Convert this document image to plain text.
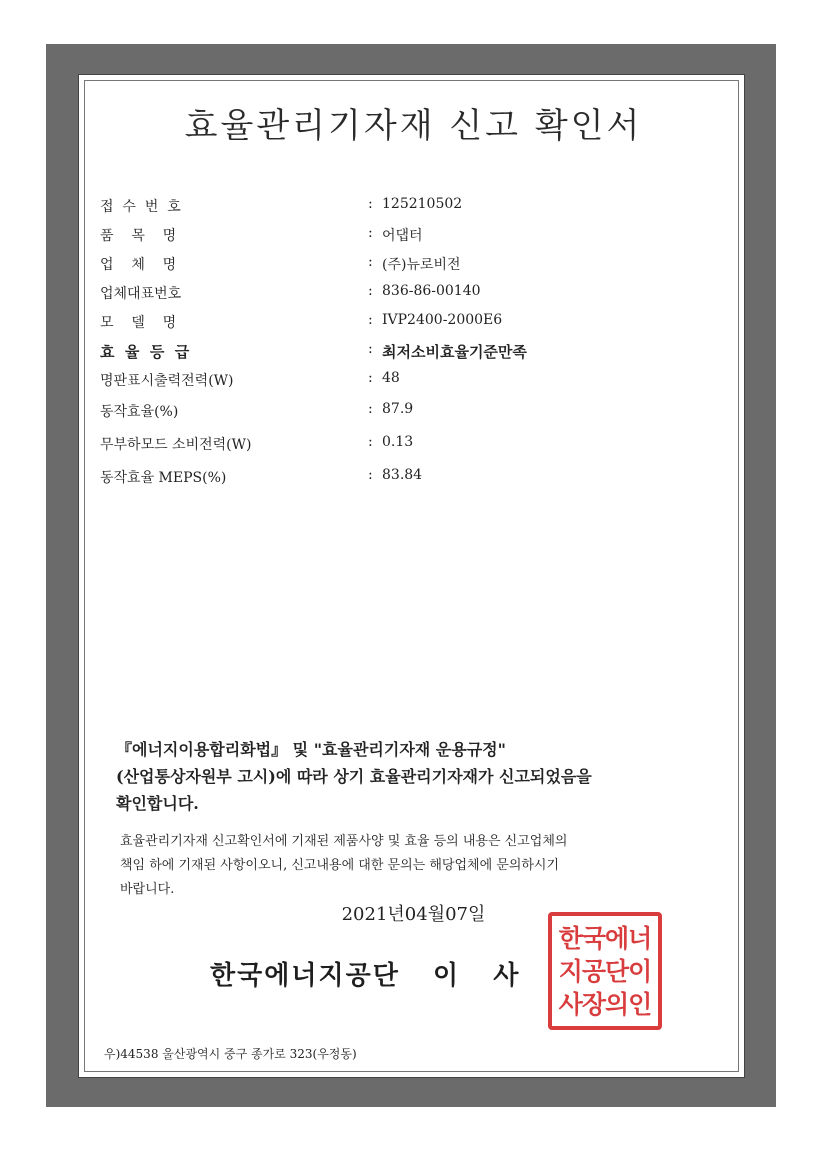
효율관리기자재 신고 확인서
접  수  번  호	: 125210502
품    목    명	: 어댑터
업    체    명	: (주)뉴로비전
업체대표번호	: 836-86-00140
모    델    명	: IVP2400-2000E6
효  율  등  급	: 최저소비효율기준만족
명판표시출력전력(W)	: 48
동작효율(%)	: 87.9
무부하모드 소비전력(W)	: 0.13
동작효율 MEPS(%)	: 83.84
『에너지이용합리화법』 및 "효율관리기자재 운용규정"
(산업통상자원부 고시)에 따라 상기 효율관리기자재가 신고되었음을
확인합니다.
효율관리기자재 신고확인서에 기재된 제품사양 및 효율 등의 내용은 신고업체의
책임 하에 기재된 사항이오니, 신고내용에 대한 문의는 해당업체에 문의하시기
바랍니다.
2021년04월07일
한국에너지공단   이   사
한국에너
지공단이
사장의인
우)44538 울산광역시 중구 종가로 323(우정동)
